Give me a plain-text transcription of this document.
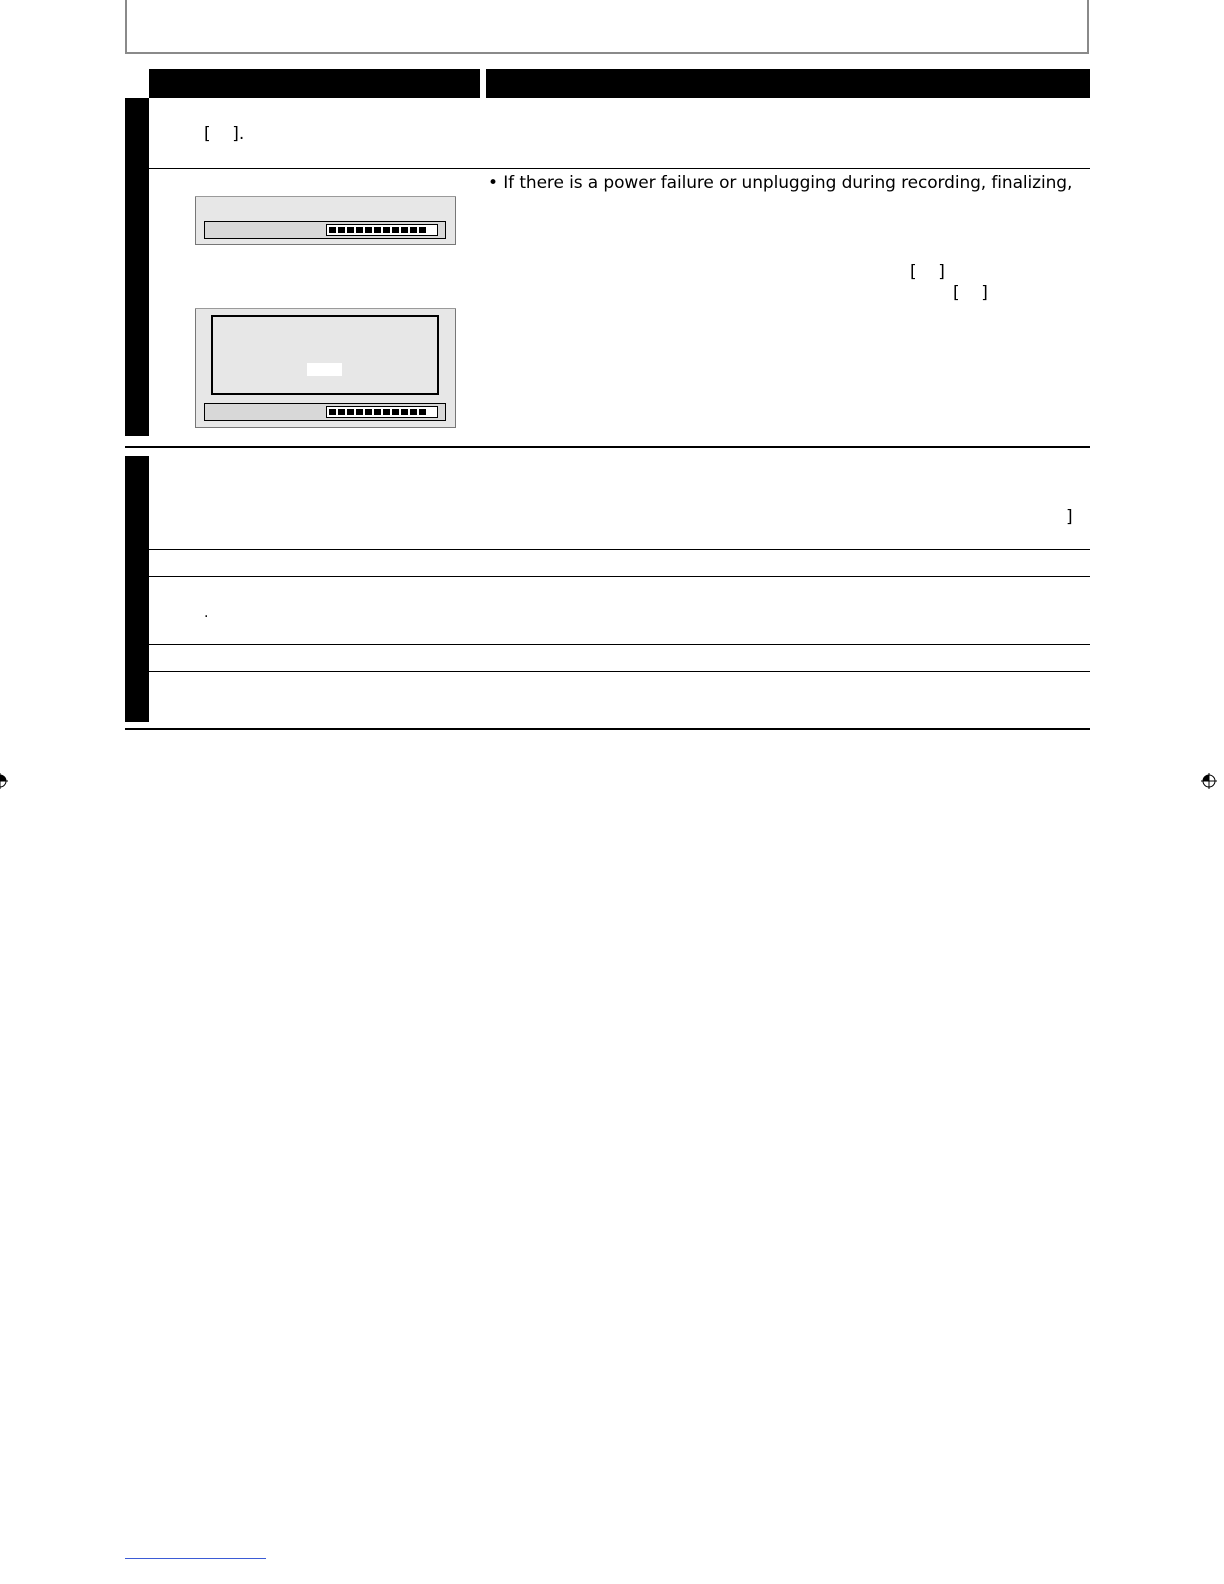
[    ].
• If there is a power failure or unplugging during recording, finalizing,
[    ]
[    ]
]
.
